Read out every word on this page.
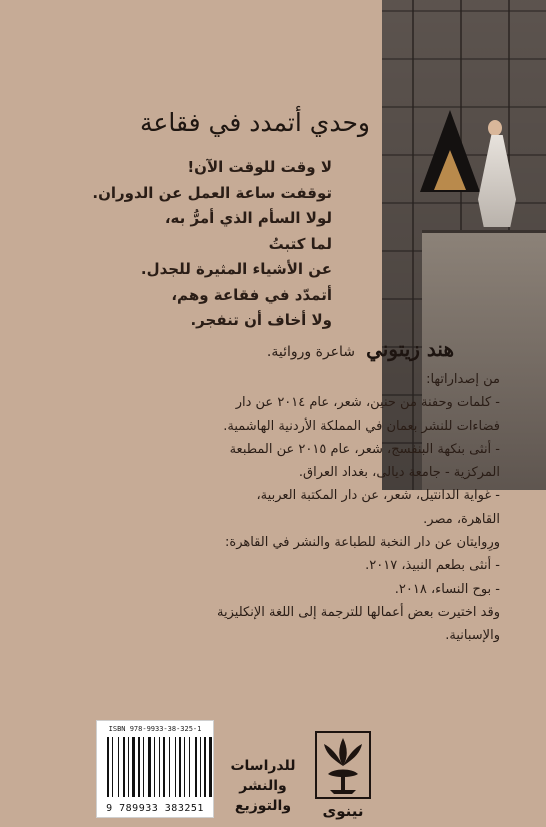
وحدي أتمدد في فقاعة
لا وقت للوقت الآن!
توقفت ساعة العمل عن الدوران.
لولا السأم الذي أمرُّ به،
لما كتبتُ
عن الأشياء المثيرة للجدل.
أتمدّد في فقاعة وهم،
ولا أخاف أن تنفجر.
هند زيتوني شاعرة وروائية.
من إصداراتها:
- كلمات وحفنة من حنين، شعر، عام ٢٠١٤ عن دار
فضاءات للنشر بعمان في المملكة الأردنية الهاشمية.
- أنثى بنكهة البنفسج، شعر، عام ٢٠١٥ عن المطبعة
المركزية - جامعة ديالى، بغداد العراق.
- غواية الدانتيل، شعر، عن دار المكتبة العربية،
القاهرة، مصر.
ورِوايتان عن دار النخبة للطباعة والنشر في القاهرة:
- أنثى بطعم النبيذ، ٢٠١٧.
- بوح النساء، ٢٠١٨.
وقد اختيرت بعض أعمالها للترجمة إلى اللغة الإنكليزية
والإسبانية.
ISBN 978-9933-38-325-1
9 789933 383251
للدراسات
والنشر
والتوزيع	نينوى
